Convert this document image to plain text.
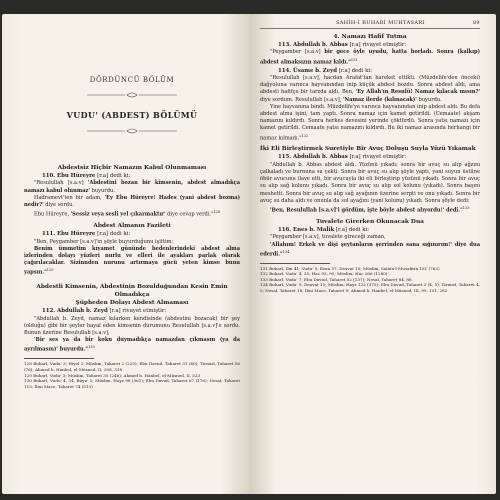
DÖRDÜNCÜ BÖLÜM
VUDU' (ABDEST) BÖLÜMÜ
Abdestsiz Hiçbir Namazın Kabul Olunmaması

110. Ebu Hüreyre [r.a] dedi ki:

"Resulullah [s.a.v] 'Abdestini bozan bir kimsenin, abdest almadıkça namazı kabul olunmaz' buyurdu.

Hadramevt'ten bir adam, 'Ey Ebu Hüreyre! Hades (yani abdest bozma) nedir?' diye sordu.

Ebu Hüreyre, 'Sessiz veya sesli yel çıkarmaktır' diye cevap verdi."$^{128}$

Abdest Almanın Fazileti

111. Ebu Hüreyre [r.a] dedi ki:

"Ben, Peygamber [s.a.v]'in şöyle buyurduğunu işittim:

Benim ümmetim kıyamet gününde bedenlerindeki abdest alma izlerinden dolayı yüzleri nurlu ve elleri ile ayakları parlak olarak çağırılacaklar. Sizinnden nurunu artırmaya gücü yeten kimse bunu yapsın."$^{129}$

Abdestli Kimsenin, Abdestinin Bozulduğundan Kesin Emin Olmadıkça
Şüpheden Dolayı Abdest Almaması

112. Abdullah b. Zeyd [r.a] rivayet etmiştir:

"Abdullah b. Zeyd, namaz kılarken kendisinde (abdestini bozacak) bir şey (olduğu) gibi bir şeyler hayal eden kimsenin durumunu Resulullah [s.a.v]'e sordu. Bunun üzerine Resulullah [s.a.v],

'Bir ses ya da bir koku duymadıkça namazdan çıkmasın (ya da ayrılmasın)' buyurdu."$^{130}$

128 Buharî, Vudu' 3; Hiyel 2; Müslim, Taharet 2 (225); Ebu Davud, Taharet 31 (60); Tirmizî, Taharet 56 (76); Ahmed b. Hanbel, el-Müsned, II, 308, 318

129 Buharî, Vudu' 3; Müslim, Taharet 35 (246); Ahmed b. Hanbel, el-Müsned, II, 523

130 Buharî, Vudu' 4, 34, Büyu' 5; Müslim, Hayz 98 (361); Ebu Davud, Taharet 67 (176); Nesaî, Taharet 115; İbni Mace, Taharet 74 (513)

SAHİH-İ BUHARİ MUHTASARI	89
4. Namazı Hafif Tutma

113. Abdullah b. Abbas [r.a] rivayet etmiştir:

"Peygamber [s.a.v] bir gece öyle uyudu, hatta horladı. Sonra (kalkıp) abdest almaksızın namaz kıldı."$^{131}$

114. Üsame b. Zeyd [r.a] dedi ki:

"Resulullah [s.a.v], hacdan Arafat'tan hareket ettikti. (Müzdelife'den önceki) dağyoluna varınca hayvanından inip küçük abdest bozdu. Sonra abdest aldı, ama abdesti hafifçe bir tarzda aldı. Ben, 'Ey Allah'ın Resulü! Namaz kılacak mısın?' diye sordum. Resulullah [s.a.v], 'Namaz ilerde (kılınacak)' buyurdu.

Yine hayvanına bindi. Müzdelife'ye varınca hayvanından inip abdest aldı. Bu defa abdest alma işini, tam yaptı. Sonra namaz için kamet getirildi. (Cemaate) akşam namazını kıldırdı. Sonra herkes devesini yerinde çöktürdü. Sonra yatsı namazı için kamet getirildi. Cemaate yatsı namazını kıldırdı. Bu iki namaz arasında herhangi bir namaz kılmadı."$^{132}$

İki Eli Birleştirmek Suretiyle Bir Avuç Doluşu Suyla Yüzü Yıkamak

115. Abdullah b. Abbas [r.a] rivayet etmiştir:

"Abdullah b. Abbas abdest aldı. Yüzünü yıkadı; sonra bir avuç su alıp ağzını çalkaladı ve burnuna su çekti. Sonra bir avuç su alıp şöyle yaptı, yani suyun üstüne öbür avucunu ilave etti, bir avucuyla iki eli birleştirip yüzünü yıkadı. Sonra bir avuç su alıp sağ kolunu yıkadı. Sonra bir avuç su alıp sol kolunu (yıkadı). Sonra başını meshetti. Sonra bir avuç su alıp sağ ayağının üzerine serpti ve onu yıkadı. Sonra bir avuç su daha aldı ve onunla da sol ayağını (yani kolunu) yıkadı. Sonra şöyle dedi:

'Ben, Resulullah [s.a.v]'i gördüm, işte böyle abdest alıyordu!' dedi."$^{133}$

Tuvalete Girerken Okunacak Dua

116. Enes b. Malik [r.a] dedi ki:

"Peygamber [s.a.v], tuvalete gireceği zaman,

'Allahım! Erkek ve dişi şeytanların şerrinden sana sığınırım!' diye dua ederdi."$^{134}$

131 Buharî, İlm 41; Vudu' 5, Ezan 57, Deavat 10; Müslim, Salatu'l-Musafirin 181 (763)

132 Buharî, Vudu' 4, 35, Hac 93, 95; Müslim, Hac 266 (1280)

133 Buharî, Vudu' 7; Ebu Davud, Taharet 52 (137); Nesaî, Taharet 84, 86

134 Buharî, Vudu' 9, Deavat 15; Müslim, Hayz 122 (375); Ebu Davud, Taharet 3 (4, 5); Tirmizî, Taharet 4, 5; Nesaî, Taharet 18; İbni Mace, Taharet 9; Ahmed b. Hanbel, el-Müsned, III, 99, 101, 282
